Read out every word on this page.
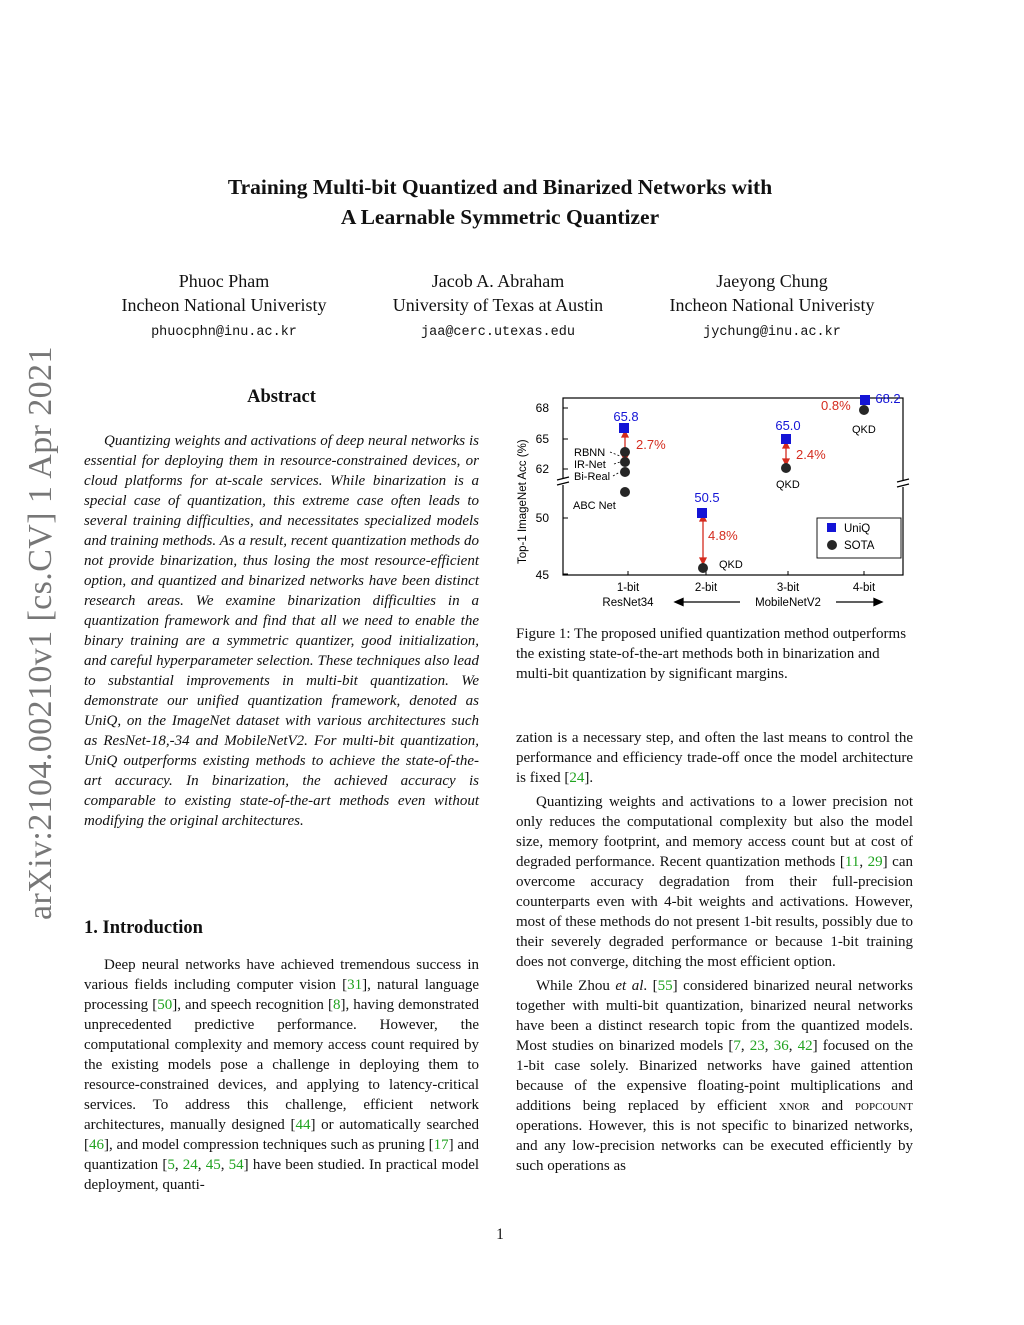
arXiv:2104.00210v1 [cs.CV] 1 Apr 2021
Training Multi-bit Quantized and Binarized Networks with
A Learnable Symmetric Quantizer
Phuoc Pham
Incheon National Univeristy
phuocphn@inu.ac.kr
Jacob A. Abraham
University of Texas at Austin
jaa@cerc.utexas.edu
Jaeyong Chung
Incheon National Univeristy
jychung@inu.ac.kr
Abstract
Quantizing weights and activations of deep neural networks is essential for deploying them in resource-constrained devices, or cloud platforms for at-scale services. While binarization is a special case of quantization, this extreme case often leads to several training difficulties, and necessitates specialized models and training methods. As a result, recent quantization methods do not provide binarization, thus losing the most resource-efficient option, and quantized and binarized networks have been distinct research areas. We examine binarization difficulties in a quantization framework and find that all we need to enable the binary training are a symmetric quantizer, good initialization, and careful hyperparameter selection. These techniques also lead to substantial improvements in multi-bit quantization. We demonstrate our unified quantization framework, denoted as UniQ, on the ImageNet dataset with various architectures such as ResNet-18,-34 and MobileNetV2. For multi-bit quantization, UniQ outperforms existing methods to achieve the state-of-the-art accuracy. In binarization, the achieved accuracy is comparable to existing state-of-the-art methods even without modifying the original architectures.
1. Introduction

Deep neural networks have achieved tremendous success in various fields including computer vision [31], natural language processing [50], and speech recognition [8], having demonstrated unprecedented predictive performance. However, the computational complexity and memory access count required by the existing models pose a challenge in deploying them to resource-constrained devices, and applying to latency-critical services. To address this challenge, efficient network architectures, manually designed [44] or automatically searched [46], and model compression techniques such as pruning [17] and quantization [5, 24, 45, 54] have been studied. In practical model deployment, quanti-

68
65
62
50
45
Top-1 ImageNet Acc (%)
1-bit	2-bit	3-bit	4-bit
ResNet34	MobileNetV2
65.8
50.5
65.0
68.2
2.7%
4.8%
2.4%
0.8%
RBNN
IR-Net
Bi-Real
ABC Net
QKD
QKD
QKD
UniQ
SOTA
Figure 1: The proposed unified quantization method outperforms the existing state-of-the-art methods both in binarization and multi-bit quantization by significant margins.

zation is a necessary step, and often the last means to control the performance and efficiency trade-off once the model architecture is fixed [24].

Quantizing weights and activations to a lower precision not only reduces the computational complexity but also the model size, memory footprint, and memory access count but at cost of degraded performance. Recent quantization methods [11, 29] can overcome accuracy degradation from their full-precision counterparts even with 4-bit weights and activations. However, most of these methods do not present 1-bit results, possibly due to their severely degraded performance or because 1-bit training does not converge, ditching the most efficient option.

While Zhou et al. [55] considered binarized neural networks together with multi-bit quantization, binarized neural networks have been a distinct research topic from the quantized models. Most studies on binarized models [7, 23, 36, 42] focused on the 1-bit case solely. Binarized networks have gained attention because of the expensive floating-point multiplications and additions being replaced by efficient xnor and popcount operations. However, this is not specific to binarized networks, and any low-precision networks can be executed efficiently by such operations as

1
